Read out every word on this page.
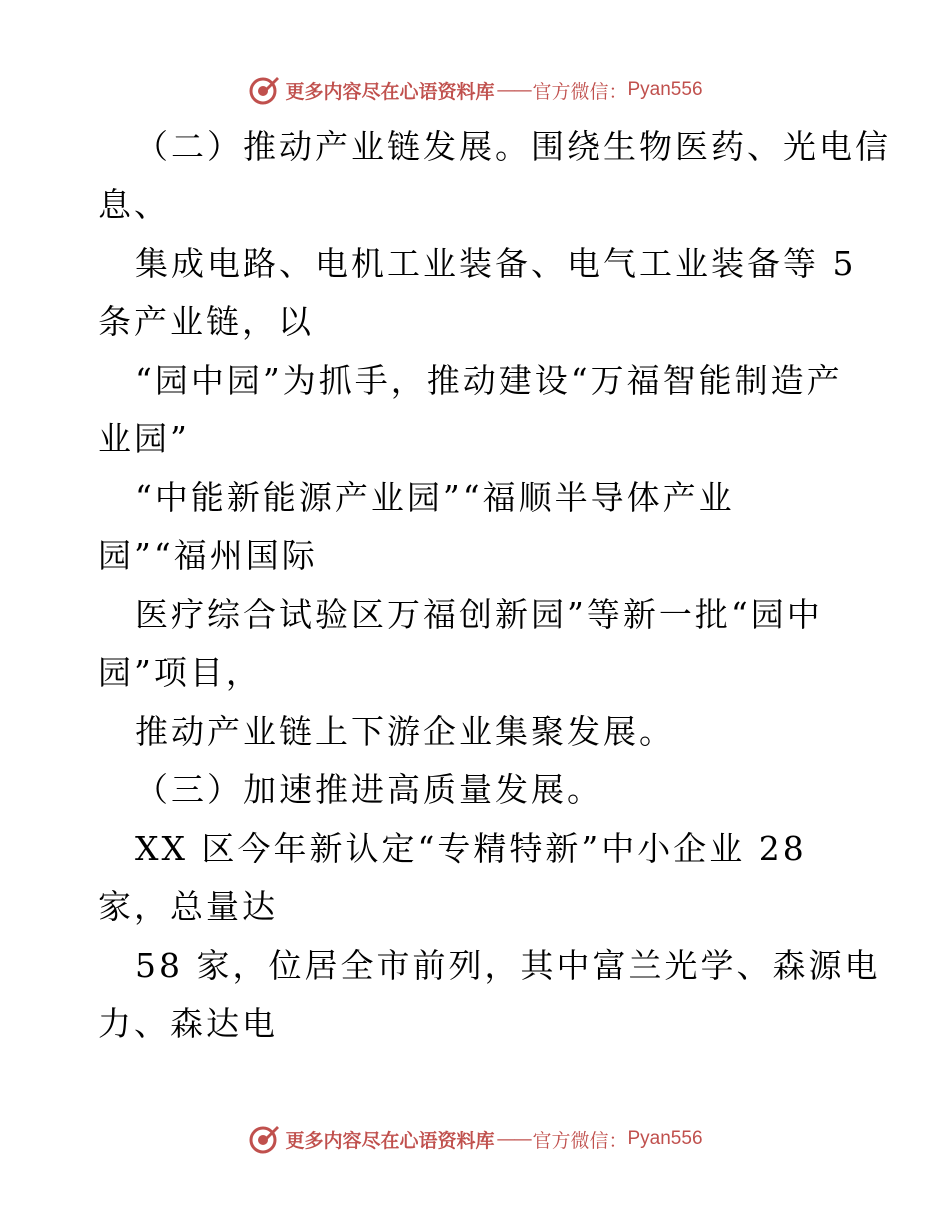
更多内容尽在心语资料库 —— 官方微信： Pyan556
（二）推动产业链发展。围绕生物医药、光电信
息、
集成电路、电机工业装备、电气工业装备等 5
条产业链，以
“园中园”为抓手，推动建设“万福智能制造产
业园”
“中能新能源产业园”“福顺半导体产业
园”“福州国际
医疗综合试验区万福创新园”等新一批“园中
园”项目，
推动产业链上下游企业集聚发展。
（三）加速推进高质量发展。
XX 区今年新认定“专精特新”中小企业 28
家，总量达
58 家，位居全市前列，其中富兰光学、森源电
力、森达电
更多内容尽在心语资料库 —— 官方微信： Pyan556
